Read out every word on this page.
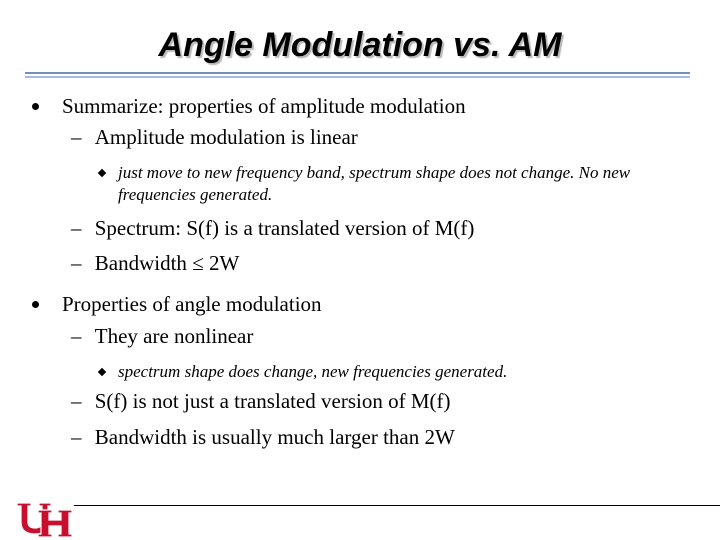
Angle Modulation vs. AM
Summarize: properties of amplitude modulation
– Amplitude modulation is linear
just move to new frequency band, spectrum shape does not change. No new frequencies generated.
– Spectrum: S(f) is a translated version of M(f)
– Bandwidth ≤ 2W
Properties of angle modulation
– They are nonlinear
spectrum shape does change, new frequencies generated.
– S(f) is not just a translated version of M(f)
– Bandwidth is usually much larger than 2W
